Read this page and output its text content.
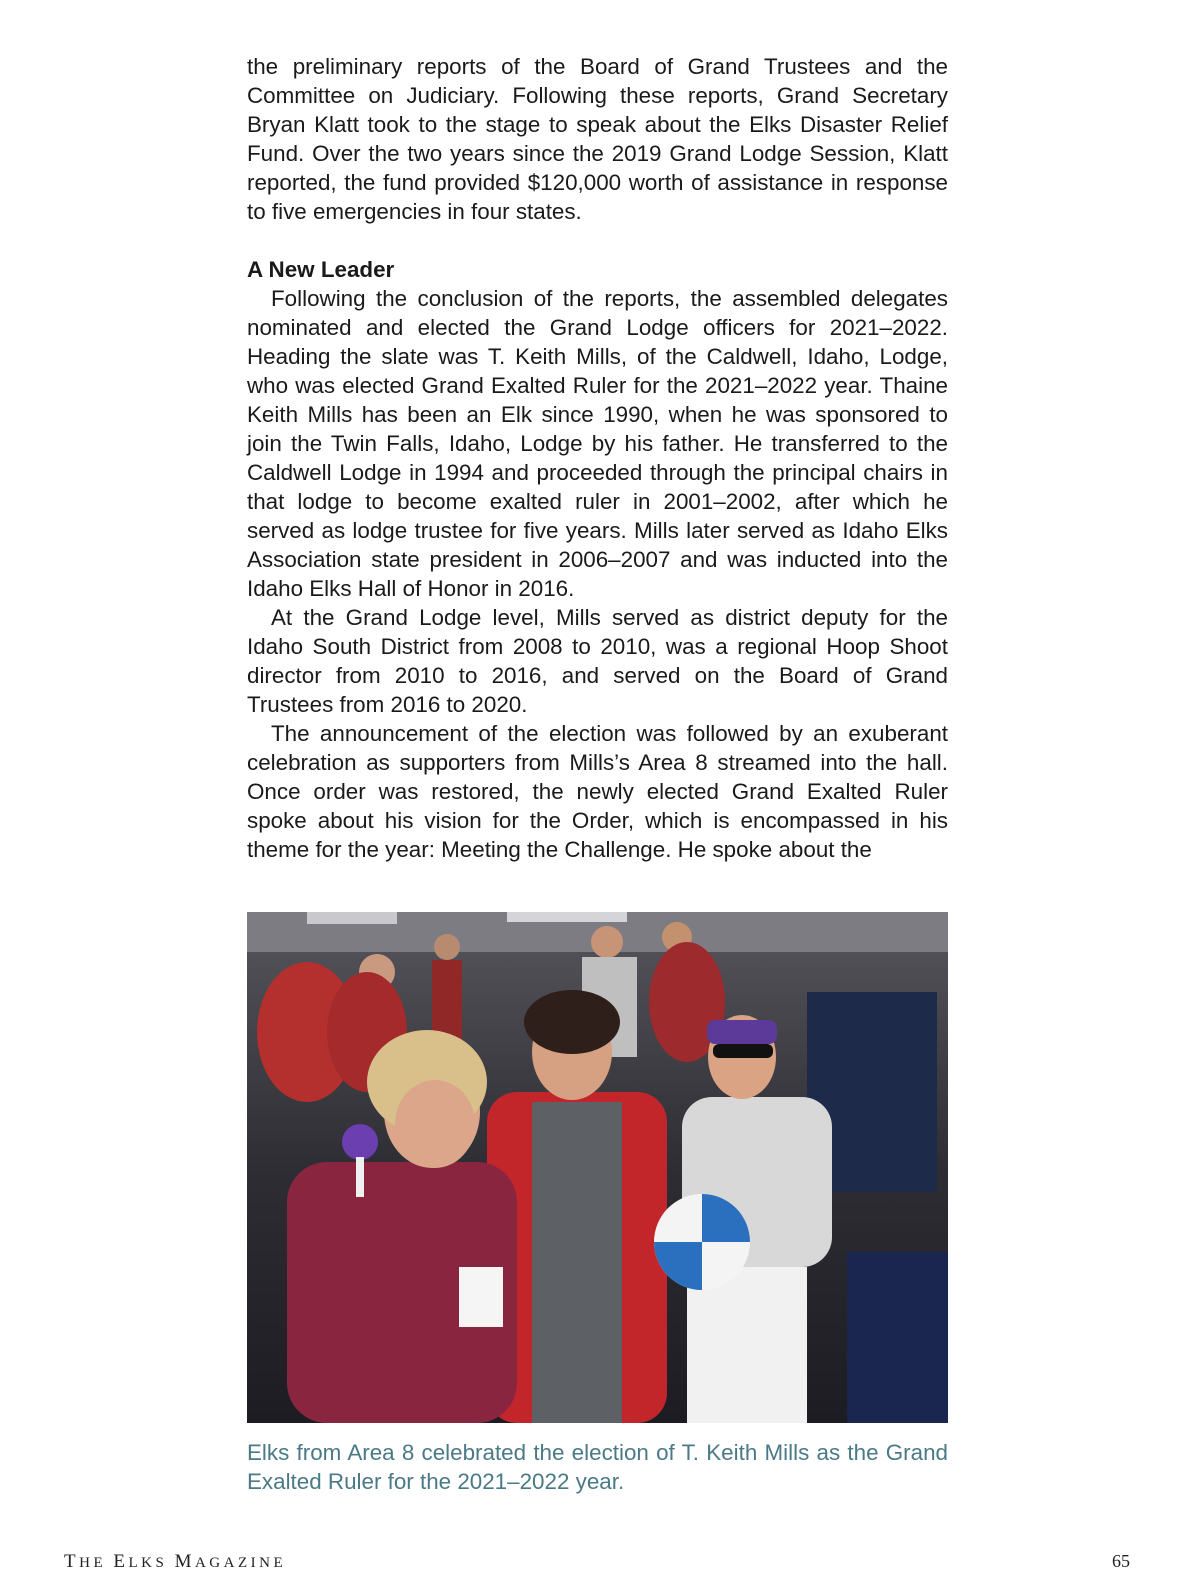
the preliminary reports of the Board of Grand Trustees and the Committee on Judiciary. Following these reports, Grand Secretary Bryan Klatt took to the stage to speak about the Elks Disaster Relief Fund. Over the two years since the 2019 Grand Lodge Session, Klatt reported, the fund provided $120,000 worth of assistance in response to five emergencies in four states.

A New Leader

Following the conclusion of the reports, the assembled delegates nominated and elected the Grand Lodge officers for 2021–2022. Heading the slate was T. Keith Mills, of the Caldwell, Idaho, Lodge, who was elected Grand Exalted Ruler for the 2021–2022 year. Thaine Keith Mills has been an Elk since 1990, when he was sponsored to join the Twin Falls, Idaho, Lodge by his father. He transferred to the Caldwell Lodge in 1994 and proceeded through the principal chairs in that lodge to become exalted ruler in 2001–2002, after which he served as lodge trustee for five years. Mills later served as Idaho Elks Association state president in 2006–2007 and was inducted into the Idaho Elks Hall of Honor in 2016.

At the Grand Lodge level, Mills served as district deputy for the Idaho South District from 2008 to 2010, was a regional Hoop Shoot director from 2010 to 2016, and served on the Board of Grand Trustees from 2016 to 2020.

The announcement of the election was followed by an exuberant celebration as supporters from Mills’s Area 8 streamed into the hall. Once order was restored, the newly elected Grand Exalted Ruler spoke about his vision for the Order, which is encompassed in his theme for the year: Meeting the Challenge. He spoke about the

Elks from Area 8 celebrated the election of T. Keith Mills as the Grand Exalted Ruler for the 2021–2022 year.

THE ELKS MAGAZINE	65
